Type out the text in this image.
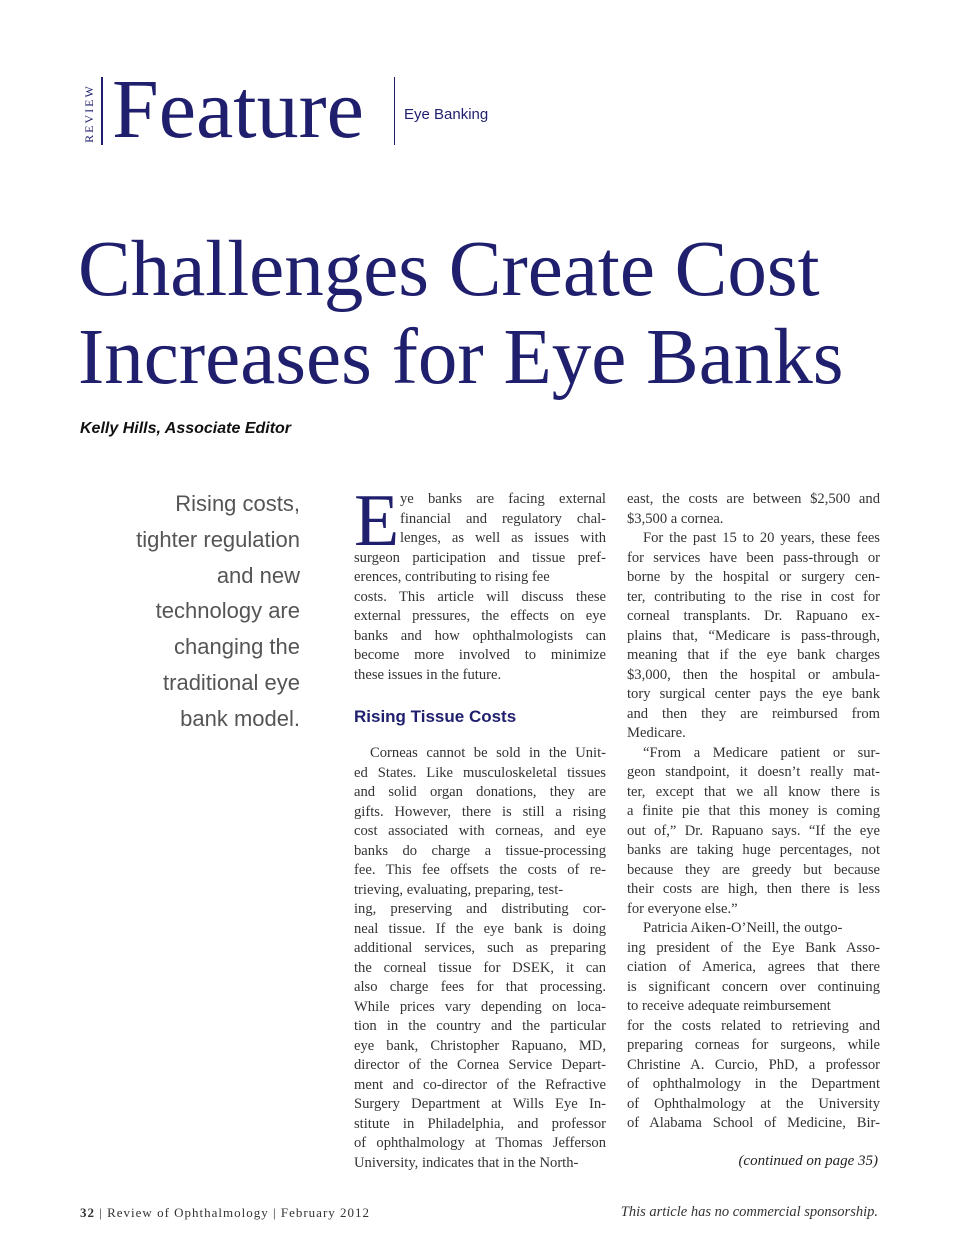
REVIEW Feature	Eye Banking
Challenges Create Cost
Increases for Eye Banks
Kelly Hills, Associate Editor
Rising costs,
tighter regulation
and new
technology are
changing the
traditional eye
bank model.
E ye banks are facing external
financial and regulatory chal-
lenges, as well as issues with
surgeon participation and tissue pref-
erences, contributing to rising fee
costs. This article will discuss these
external pressures, the effects on eye
banks and how ophthalmologists can
become more involved to minimize
these issues in the future.
Rising Tissue Costs
Corneas cannot be sold in the Unit-
ed States. Like musculoskeletal tissues
and solid organ donations, they are
gifts. However, there is still a rising
cost associated with corneas, and eye
banks do charge a tissue-processing
fee. This fee offsets the costs of re-
trieving, evaluating, preparing, test-
ing, preserving and distributing cor-
neal tissue. If the eye bank is doing
additional services, such as preparing
the corneal tissue for DSEK, it can
also charge fees for that processing.
While prices vary depending on loca-
tion in the country and the particular
eye bank, Christopher Rapuano, MD,
director of the Cornea Service Depart-
ment and co-director of the Refractive
Surgery Department at Wills Eye In-
stitute in Philadelphia, and professor
of ophthalmology at Thomas Jefferson
University, indicates that in the North-
east, the costs are between $2,500 and
$3,500 a cornea.
For the past 15 to 20 years, these fees
for services have been pass-through or
borne by the hospital or surgery cen-
ter, contributing to the rise in cost for
corneal transplants. Dr. Rapuano ex-
plains that, “Medicare is pass-through,
meaning that if the eye bank charges
$3,000, then the hospital or ambula-
tory surgical center pays the eye bank
and then they are reimbursed from
Medicare.
“From a Medicare patient or sur-
geon standpoint, it doesn’t really mat-
ter, except that we all know there is
a finite pie that this money is coming
out of,” Dr. Rapuano says. “If the eye
banks are taking huge percentages, not
because they are greedy but because
their costs are high, then there is less
for everyone else.”
Patricia Aiken-O’Neill, the outgo-
ing president of the Eye Bank Asso-
ciation of America, agrees that there
is significant concern over continuing
to receive adequate reimbursement
for the costs related to retrieving and
preparing corneas for surgeons, while
Christine A. Curcio, PhD, a professor
of ophthalmology in the Department
of Ophthalmology at the University
of Alabama School of Medicine, Bir-
(continued on page 35)
32 | Review of Ophthalmology | February 2012	This article has no commercial sponsorship.
